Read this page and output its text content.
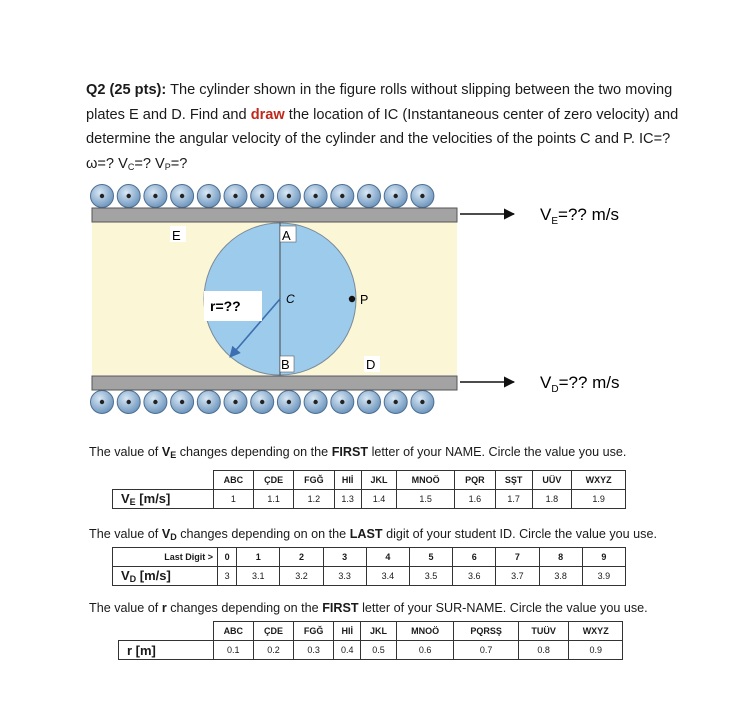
Q2 (25 pts): The cylinder shown in the figure rolls without slipping between the two moving plates E and D. Find and draw the location of IC (Instantaneous center of zero velocity) and determine the angular velocity of the cylinder and the velocities of the points C and P. IC=? ω=? $V_C=$? $V_P=$?
E	A
B	D
C	P
r=??
$V_E=$?? m/s
$V_D=$?? m/s
The value of $V_E$ changes depending on the FIRST letter of your NAME. Circle the value you use.
	ABC	ÇDE	FGĞ	HIİ	JKL	MNOÖ	PQR	SŞT	UÜV	WXYZ
$V_E$ [m/s]	1	1.1	1.2	1.3	1.4	1.5	1.6	1.7	1.8	1.9
The value of $V_D$ changes depending on on the LAST digit of your student ID. Circle the value you use.
Last Digit >	0	1	2	3	4	5	6	7	8	9
$V_D$ [m/s]	3	3.1	3.2	3.3	3.4	3.5	3.6	3.7	3.8	3.9
The value of r changes depending on the FIRST letter of your SUR-NAME. Circle the value you use.
	ABC	ÇDE	FGĞ	HIİ	JKL	MNOÖ	PQRSŞ	TUÜV	WXYZ
r [m]	0.1	0.2	0.3	0.4	0.5	0.6	0.7	0.8	0.9
